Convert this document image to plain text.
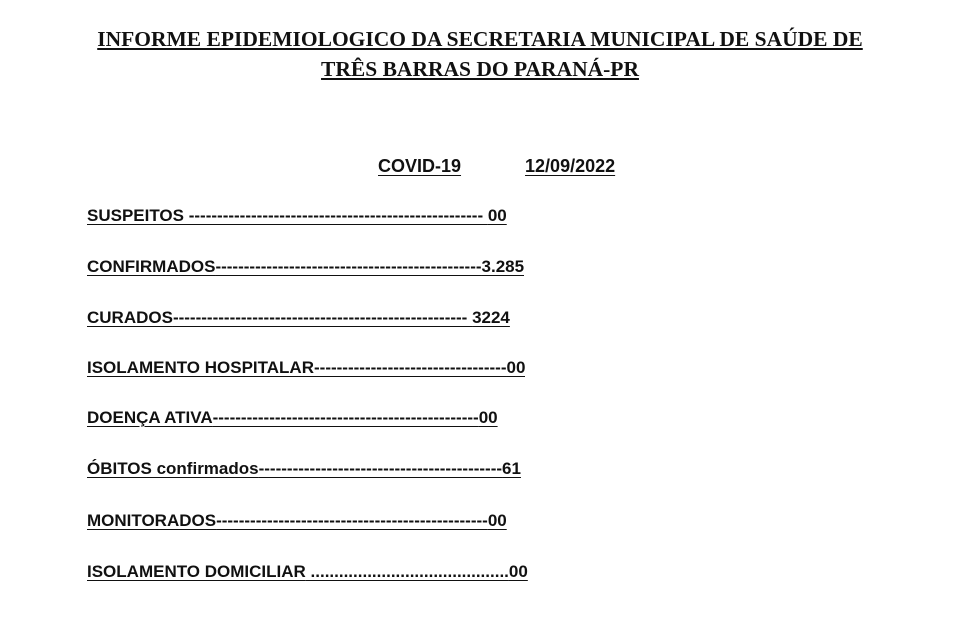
INFORME EPIDEMIOLOGICO DA SECRETARIA MUNICIPAL DE SAÚDE DE
TRÊS BARRAS DO PARANÁ-PR
COVID-19	12/09/2022
SUSPEITOS ---------------------------------------------------- 00
CONFIRMADOS-----------------------------------------------3.285
CURADOS---------------------------------------------------- 3224
ISOLAMENTO HOSPITALAR----------------------------------00
DOENÇA ATIVA-----------------------------------------------00
ÓBITOS confirmados-------------------------------------------61
MONITORADOS------------------------------------------------00
ISOLAMENTO DOMICILIAR ..........................................00
